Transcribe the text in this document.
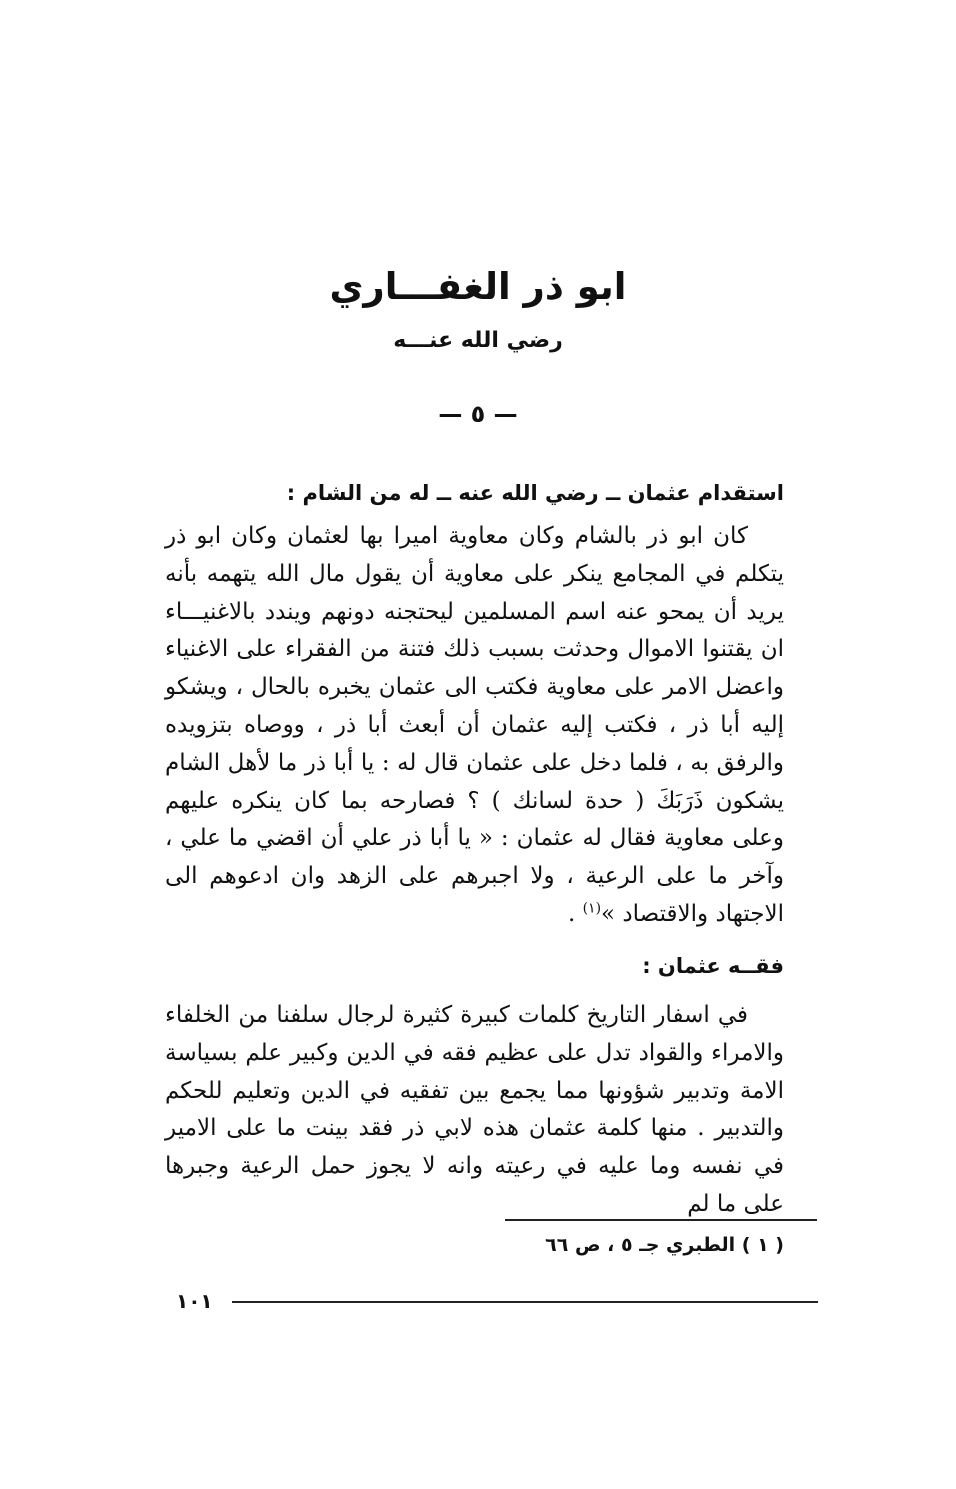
ابو ذر الغفـــاري
رضي الله عنـــه
— ٥ —
استقدام عثمان ــ رضي الله عنه ــ له من الشام :

كان ابو ذر بالشام وكان معاوية اميرا بها لعثمان وكان ابو ذر يتكلم في المجامع ينكر على معاوية أن يقول مال الله يتهمه بأنه يريد أن يمحو عنه اسم المسلمين ليحتجنه دونهم ويندد بالاغنيـــاء ان يقتنوا الاموال وحدثت بسبب ذلك فتنة من الفقراء على الاغنياء واعضل الامر على معاوية فكتب الى عثمان يخبره بالحال ، ويشكو إليه أبا ذر ، فكتب إليه عثمان أن أبعث أبا ذر ، ووصاه بتزويده والرفق به ، فلما دخل على عثمان قال له : يا أبا ذر ما لأهل الشام يشكون ذَرَبَكَ ( حدة لسانك ) ؟ فصارحه بما كان ينكره عليهم وعلى معاوية فقال له عثمان : « يا أبا ذر علي أن اقضي ما علي ، وآخر ما على الرعية ، ولا اجبرهم على الزهد وان ادعوهم الى الاجتهاد والاقتصاد »$^{(١)}$ .

فقــه عثمان :

في اسفار التاريخ كلمات كبيرة كثيرة لرجال سلفنا من الخلفاء والامراء والقواد تدل على عظيم فقه في الدين وكبير علم بسياسة الامة وتدبير شؤونها مما يجمع بين تفقيه في الدين وتعليم للحكم والتدبير . منها كلمة عثمان هذه لابي ذر فقد بينت ما على الامير في نفسه وما عليه في رعيته وانه لا يجوز حمل الرعية وجبرها على ما لم

( ١ ) الطبري جـ ٥ ، ص ٦٦
١٠١
